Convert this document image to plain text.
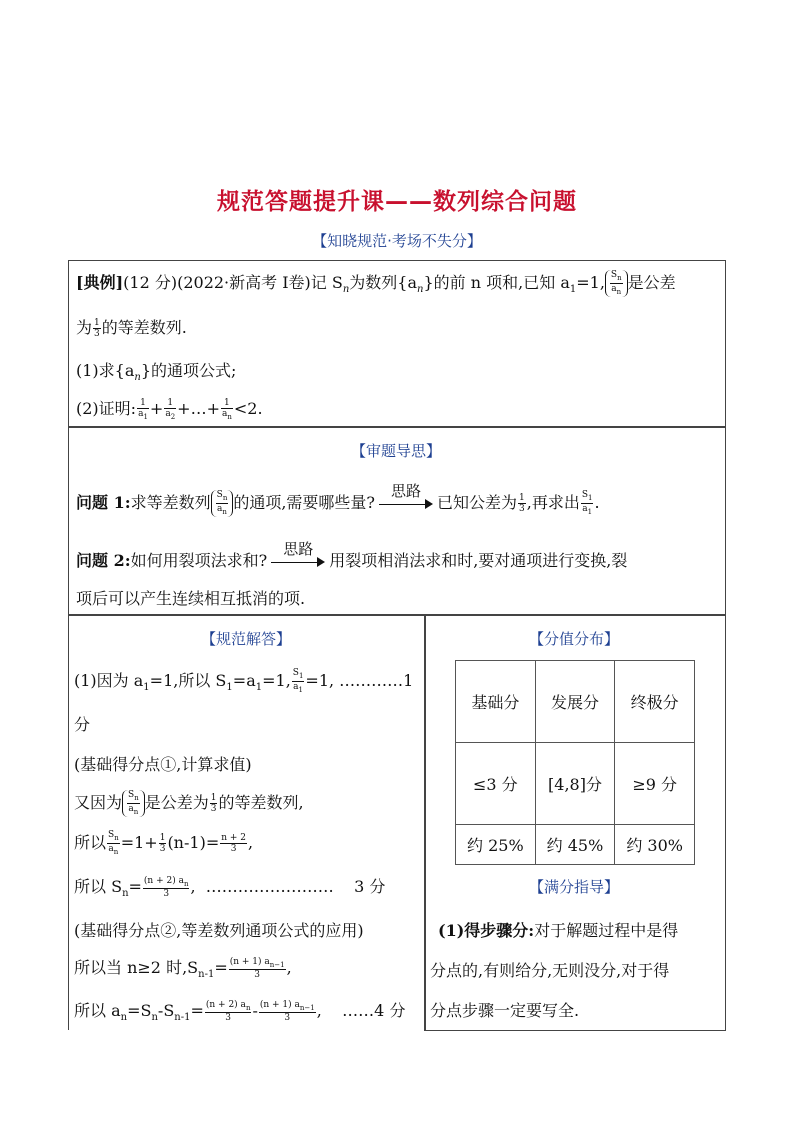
规范答题提升课——数列综合问题
【知晓规范·考场不失分】
[典例](12 分)(2022·新高考 I卷)记 $S_n$为数列$\{a_n\}$的前 n 项和,已知 $a_1=1$, $\frac{S_n}{a_n}$ 是公差
为 $\frac{1}{3}$ 的等差数列.
(1)求$\{a_n\}$的通项公式;
(2)证明: $\frac{1}{a_1} + \frac{1}{a_2}$ +…+ $\frac{1}{a_n} <2$.
【审题导思】
问题 1:求等差数列 $\frac{S_n}{a_n}$ 的通项,需要哪些量?
思路
已知公差为 $\frac{1}{3}$ ,再求出 $\frac{S_1}{a_1}$ .
问题 2:如何用裂项法求和?
思路
用裂项相消法求和时,要对通项进行变换,裂
项后可以产生连续相互抵消的项.
【规范解答】
(1)因为 $a_1=1$,所以 $S_1=a_1=1$, $\frac{S_1}{a_1} =1$, …………1
分
(基础得分点①,计算求值)
又因为 $\frac{S_n}{a_n}$ 是公差为 $\frac{1}{3}$ 的等差数列,
所以 $\frac{S_n}{a_n} =1+ \frac{1}{3} (n-1)= \frac{n + 2}{3}$ ,
所以 $S_n= \frac{(n + 2) a_n}{3}$ ,  …………………… 3 分
(基础得分点②,等差数列通项公式的应用)
所以当 n≥2 时$,S_{n-1}= \frac{(n + 1) a_{n-1}}{3}$ ,
所以 $a_n=S_n-S_{n-1}= \frac{(n + 2) a_n}{3} - \frac{(n + 1) a_{n-1}}{3}$ ,    ……4 分
【分值分布】
基础分	发展分	终极分
≤3 分	[4,8]分	≥9 分
约 25%	约 45%	约 30%
【满分指导】
(1)得步骤分:对于解题过程中是得
分点的,有则给分,无则没分,对于得
分点步骤一定要写全.
